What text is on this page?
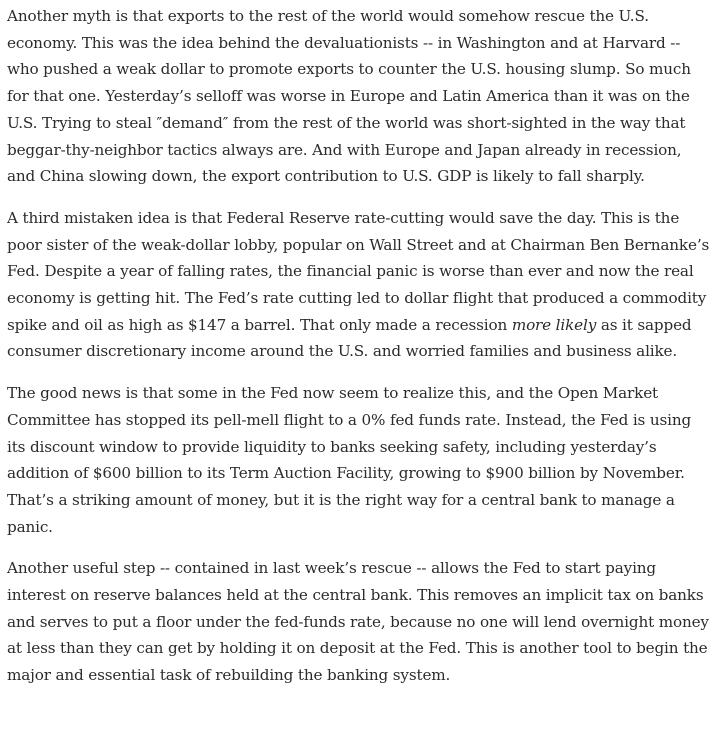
Another myth is that exports to the rest of the world would somehow rescue the U.S. economy. This was the idea behind the devaluationists -- in Washington and at Harvard -- who pushed a weak dollar to promote exports to counter the U.S. housing slump. So much for that one. Yesterday’s selloff was worse in Europe and Latin America than it was on the U.S. Trying to steal ″demand″ from the rest of the world was short-sighted in the way that beggar-thy-neighbor tactics always are. And with Europe and Japan already in recession, and China slowing down, the export contribution to U.S. GDP is likely to fall sharply.

A third mistaken idea is that Federal Reserve rate-cutting would save the day. This is the poor sister of the weak-dollar lobby, popular on Wall Street and at Chairman Ben Bernanke’s Fed. Despite a year of falling rates, the financial panic is worse than ever and now the real economy is getting hit. The Fed’s rate cutting led to dollar flight that produced a commodity spike and oil as high as $147 a barrel. That only made a recession more likely as it sapped consumer discretionary income around the U.S. and worried families and business alike.

The good news is that some in the Fed now seem to realize this, and the Open Market Committee has stopped its pell-mell flight to a 0% fed funds rate. Instead, the Fed is using its discount window to provide liquidity to banks seeking safety, including yesterday’s addition of $600 billion to its Term Auction Facility, growing to $900 billion by November. That’s a striking amount of money, but it is the right way for a central bank to manage a panic.

Another useful step -- contained in last week’s rescue -- allows the Fed to start paying interest on reserve balances held at the central bank. This removes an implicit tax on banks and serves to put a floor under the fed-funds rate, because no one will lend overnight money at less than they can get by holding it on deposit at the Fed. This is another tool to begin the major and essential task of rebuilding the banking system.
